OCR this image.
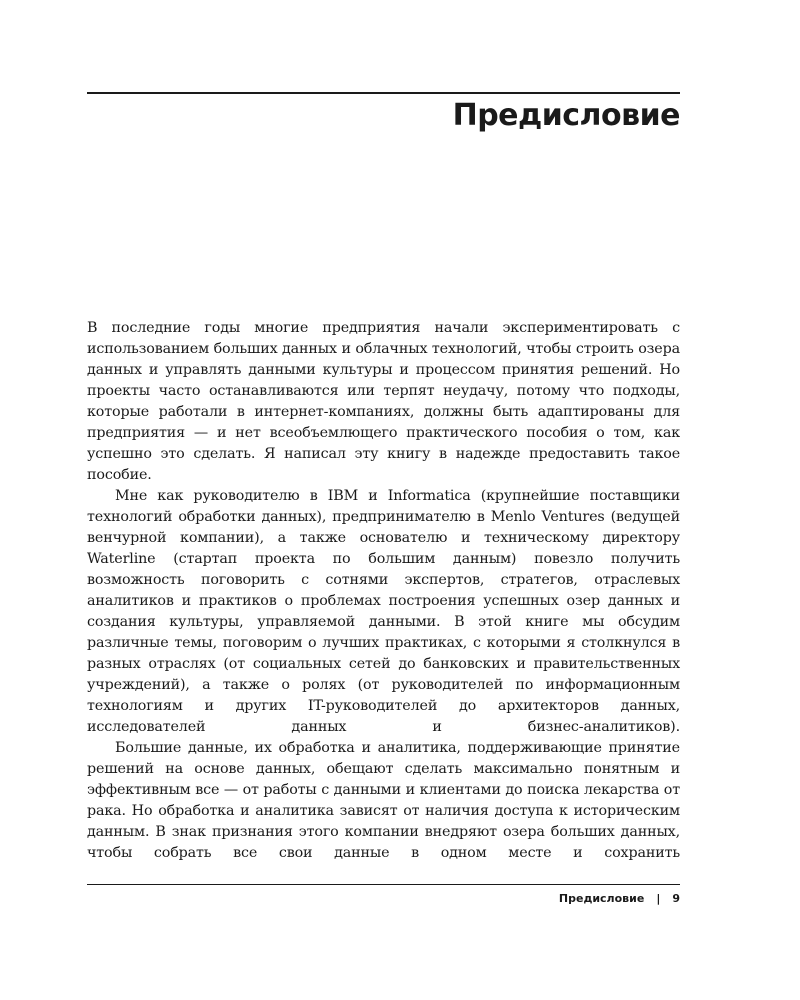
Предисловие

В последние годы многие предприятия начали экспериментировать с использованием больших данных и облачных технологий, чтобы строить озера данных и управлять данными культуры и процессом принятия решений. Но проекты часто останавливаются или терпят неудачу, потому что подходы, которые работали в интернет-компаниях, должны быть адаптированы для предприятия — и нет всеобъемлющего практического пособия о том, как успешно это сделать. Я написал эту книгу в надежде предоставить такое пособие.

Мне как руководителю в IBM и Informatica (крупнейшие поставщики технологий обработки данных), предпринимателю в Menlo Ventures (ведущей венчурной компании), а также основателю и техническому директору Waterline (стартап проекта по большим данным) повезло получить возможность поговорить с сотнями экспертов, стратегов, отраслевых аналитиков и практиков о проблемах построения успешных озер данных и создания культуры, управляемой данными. В этой книге мы обсудим различные темы, поговорим о лучших практиках, с которыми я столкнулся в разных отраслях (от социальных сетей до банковских и правительственных учреждений), а также о ролях (от руководителей по информационным технологиям и других IT-руководителей до архитекторов данных, исследователей данных и бизнес-аналитиков).

Большие данные, их обработка и аналитика, поддерживающие принятие решений на основе данных, обещают сделать максимально понятным и эффективным все — от работы с данными и клиентами до поиска лекарства от рака. Но обработка и аналитика зависят от наличия доступа к историческим данным. В знак признания этого компании внедряют озера больших данных, чтобы собрать все свои данные в одном месте и сохранить

Предисловие | 9
